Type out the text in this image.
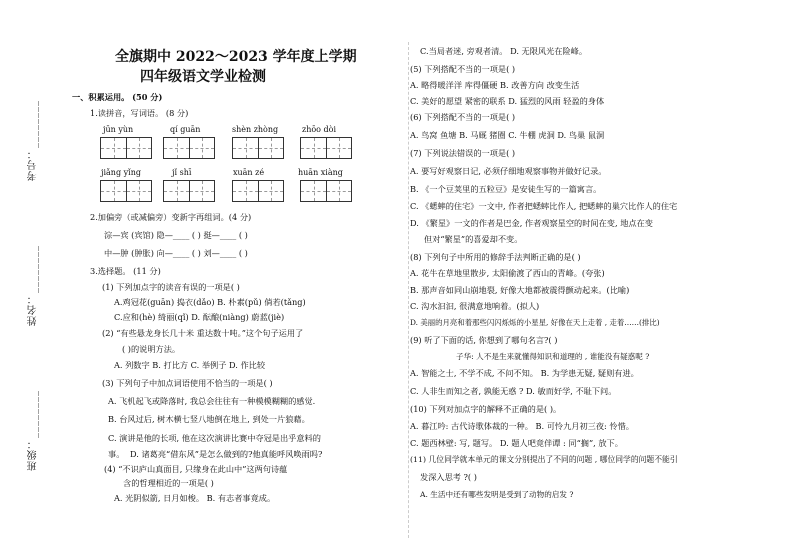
班级：________
姓名：________
考号：________
全旗期中 2022～2023 学年度上学期
四年级语文学业检测
一、积累运用。 (50 分)
1.读拼音，写词语。 (8 分)
jūn yùn	qí guān	shèn zhòng	zhōo dòi
jiǎng yǐng	jǐ shī	xuān zé	huān xiàng
2.加偏旁（或减偏旁）变新字再组词。(4 分)
淙—宾 (宾馆) 隐—____ ( ) 挺—____ ( )
中—肿 (肿胀) 向—____ ( ) 刘—____ ( )
3.选择题。 (11 分)
(1) 下列加点字的读音有误的一项是( )
A.鸡冠花(guān) 捣衣(dǎo) B. 朴素(pǔ) 倘若(tǎng)
C.应和(hè) 绮丽(qǐ) D. 酝酿(niàng) 蔚蓝(jiè)
(2) “有些悬龙身长几十米 重达数十吨。”这个句子运用了
( )的说明方法。
A. 列数字 B. 打比方 C. 举例子 D. 作比较
(3) 下列句子中加点词语使用不恰当的一项是( )
A. 飞机起飞或降落时, 我总会往往有一种模模糊糊的感觉.
B. 台风过后, 树木横七竖八地倒在地上, 到处一片狼藉。
C. 演讲是他的长项, 他在这次演讲比赛中夺冠是出乎意料的
事。 D. 诸葛亮“借东风”是怎么做到的?他真能呼风唤雨吗?
(4) “不识庐山真面目, 只缘身在此山中”这两句诗蕴
含的哲理相近的一项是( )
A. 光阴似箭, 日月如梭。 B. 有志者事竟成。
C.当局者迷, 旁观者清。 D. 无限风光在险峰。
(5) 下列搭配不当的一项是( )
A. 略得暖洋洋 库得僵硬 B. 改善方向 改变生活
C. 美好的愿望 紧密的联系 D. 猛烈的风雨 轻盈的身体
(6) 下列搭配不当的一项是( )
A. 鸟窝 鱼塘 B. 马厩 猪圈 C. 牛棚 虎洞 D. 鸟巢 鼠洞
(7) 下列说法错误的一项是( )
A. 要写好观察日记, 必须仔细地观察事物并做好记录。
B. 《一个豆荚里的五粒豆》是安徒生写的一篇寓言。
C. 《蟋蟀的住宅》一文中, 作者把蟋蟀比作人, 把蟋蟀的巢穴比作人的住宅
D. 《繁星》一文的作者是巴金, 作者观察星空的时间在变, 地点在变
但对“繁星”的喜爱却不变。
(8) 下列句子中所用的修辞手法判断正确的是( )
A. 花牛在草地里散步, 太阳偷渡了西山的青峰。(夸张)
B. 那声音如同山崩地裂, 好像大地都被震得颤动起来。(比喻)
C. 沟水汩汩, 很满意地响着。(拟人)
D. 美丽的月亮和着那些闪闪烁烁的小星星, 好像在天上走着 , 走着……(排比)
(9) 听了下面的话, 你想到了哪句名言?( )
子华: 人不是生来就懂得知识和道理的 , 谁能没有疑惑呢 ?
A. 智能之士, 不学不成, 不问不知。 B. 为学患无疑, 疑则有进。
C. 人非生而知之者, 孰能无惑 ? D. 敏而好学, 不耻下问。
(10) 下列对加点字的解释不正确的是( )。
A. 暮江吟: 古代诗歌体裁的一种。 B. 可怜九月初三夜: 怜惜。
C. 题西林壁: 写, 题写。 D. 题人吧竟伴谭 : 同“搁”, 放下。
(11) 几位同学就本单元的课文分别提出了不同的问题 , 哪位同学的问题不能引
发深入思考 ?( )
A. 生活中还有哪些发明是受到了动物的启发 ?
